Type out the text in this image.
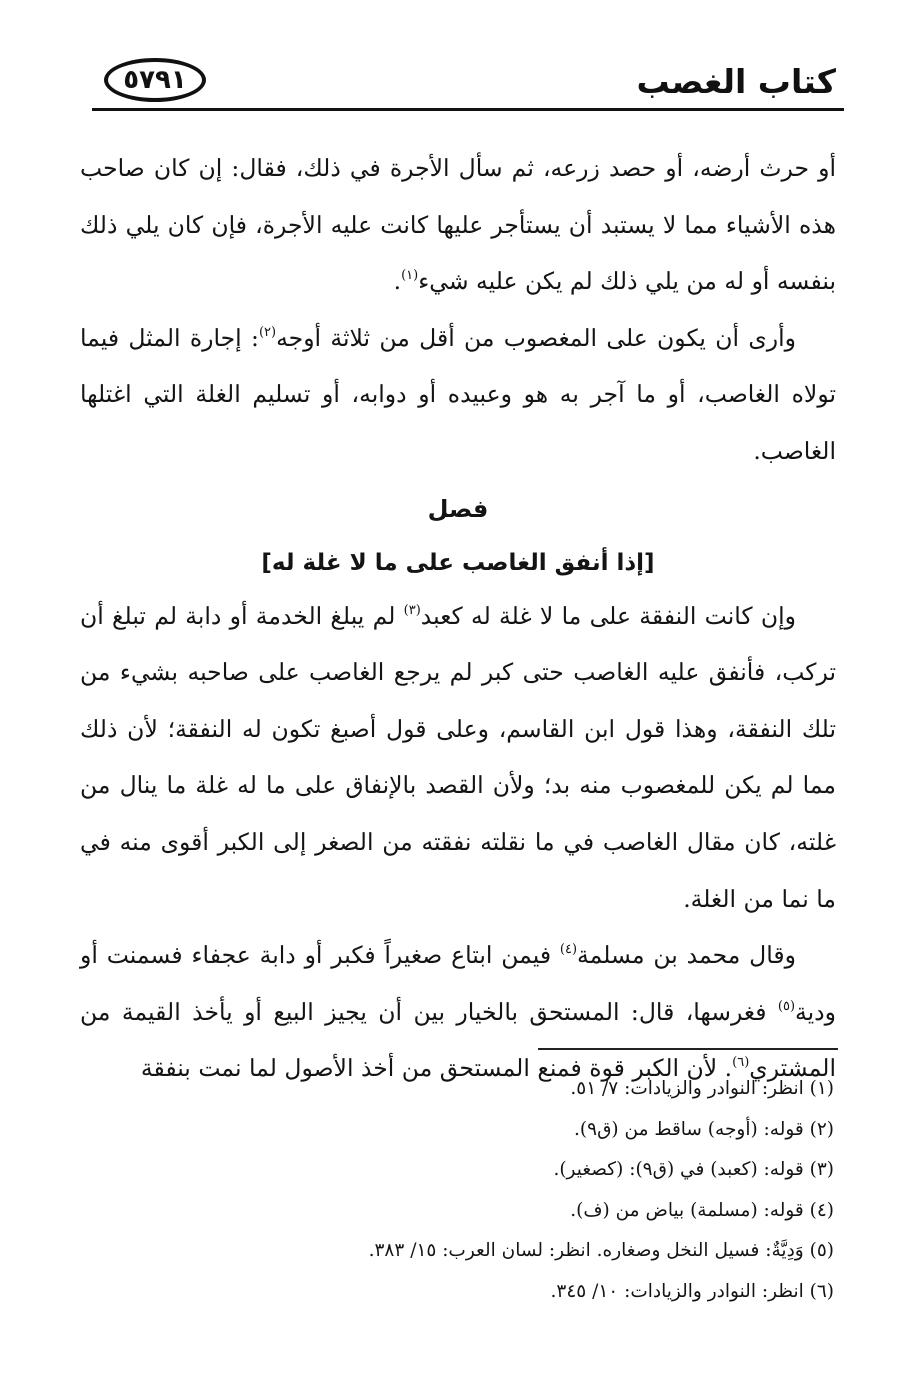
٥٧٩١	كتاب الغصب

أو حرث أرضه، أو حصد زرعه، ثم سأل الأجرة في ذلك، فقال: إن كان صاحب هذه الأشياء مما لا يستبد أن يستأجر عليها كانت عليه الأجرة، فإن كان يلي ذلك بنفسه أو له من يلي ذلك لم يكن عليه شيء$^{(١)}$.

وأرى أن يكون على المغصوب من أقل من ثلاثة أوجه$^{(٢)}$: إجارة المثل فيما تولاه الغاصب، أو ما آجر به هو وعبيده أو دوابه، أو تسليم الغلة التي اغتلها الغاصب.

فصل

[إذا أنفق الغاصب على ما لا غلة له]

وإن كانت النفقة على ما لا غلة له كعبد$^{(٣)}$ لم يبلغ الخدمة أو دابة لم تبلغ أن تركب، فأنفق عليه الغاصب حتى كبر لم يرجع الغاصب على صاحبه بشيء من تلك النفقة، وهذا قول ابن القاسم، وعلى قول أصبغ تكون له النفقة؛ لأن ذلك مما لم يكن للمغصوب منه بد؛ ولأن القصد بالإنفاق على ما له غلة ما ينال من غلته، كان مقال الغاصب في ما نقلته نفقته من الصغر إلى الكبر أقوى منه في ما نما من الغلة.

وقال محمد بن مسلمة$^{(٤)}$ فيمن ابتاع صغيراً فكبر أو دابة عجفاء فسمنت أو ودية$^{(٥)}$ فغرسها، قال: المستحق بالخيار بين أن يجيز البيع أو يأخذ القيمة من المشتري$^{(٦)}$. لأن الكبر قوة فمنع المستحق من أخذ الأصول لما نمت بنفقة

(١) انظر: النوادر والزيادات: ٧/ ٥١.
(٢) قوله: (أوجه) ساقط من (ق٩).
(٣) قوله: (كعبد) في (ق٩): (كصغير).
(٤) قوله: (مسلمة) بياض من (ف).
(٥) وَدِيَّةٌ: فسيل النخل وصغاره. انظر: لسان العرب: ١٥/ ٣٨٣.
(٦) انظر: النوادر والزيادات: ١٠/ ٣٤٥.
